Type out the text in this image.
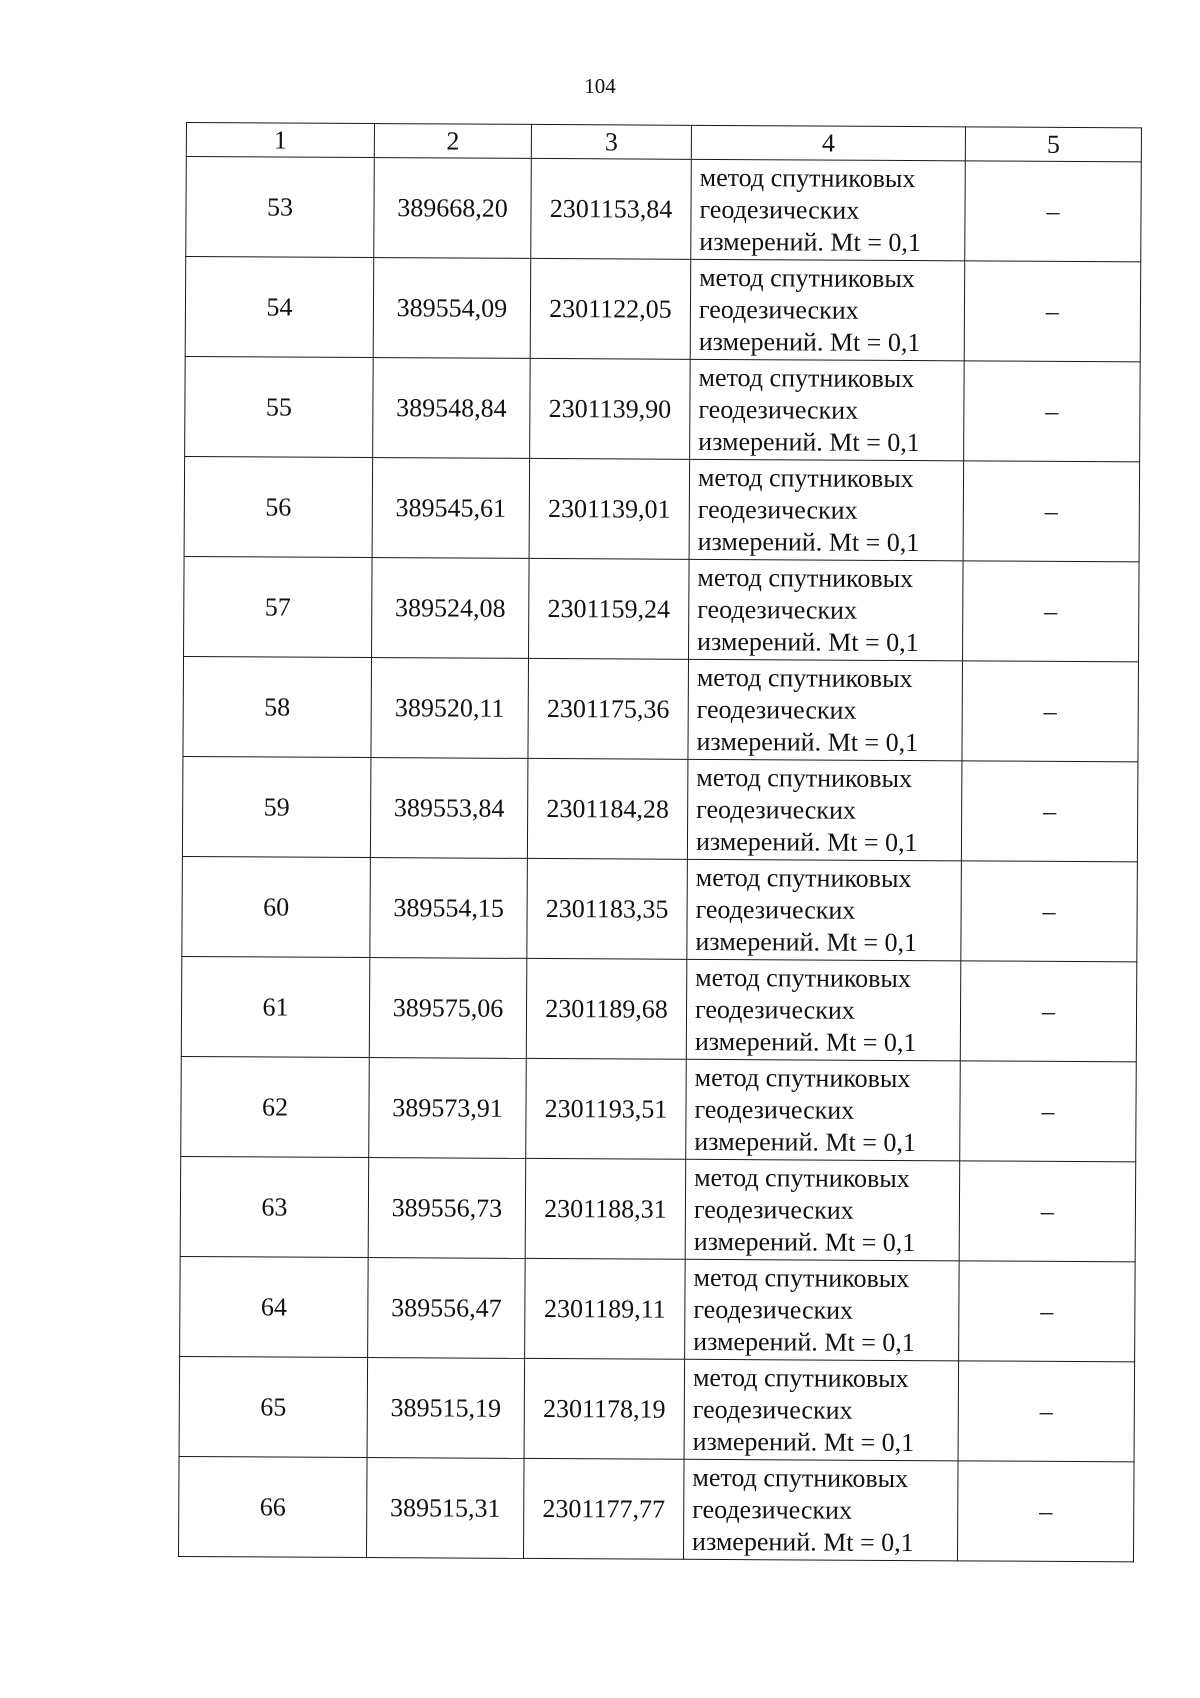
104
1	2	3	4	5
53	389668,20	2301153,84	метод спутниковых
геодезических
измерений. Mt = 0,1	–
54	389554,09	2301122,05	метод спутниковых
геодезических
измерений. Mt = 0,1	–
55	389548,84	2301139,90	метод спутниковых
геодезических
измерений. Mt = 0,1	–
56	389545,61	2301139,01	метод спутниковых
геодезических
измерений. Mt = 0,1	–
57	389524,08	2301159,24	метод спутниковых
геодезических
измерений. Mt = 0,1	–
58	389520,11	2301175,36	метод спутниковых
геодезических
измерений. Mt = 0,1	–
59	389553,84	2301184,28	метод спутниковых
геодезических
измерений. Mt = 0,1	–
60	389554,15	2301183,35	метод спутниковых
геодезических
измерений. Mt = 0,1	–
61	389575,06	2301189,68	метод спутниковых
геодезических
измерений. Mt = 0,1	–
62	389573,91	2301193,51	метод спутниковых
геодезических
измерений. Mt = 0,1	–
63	389556,73	2301188,31	метод спутниковых
геодезических
измерений. Mt = 0,1	–
64	389556,47	2301189,11	метод спутниковых
геодезических
измерений. Mt = 0,1	–
65	389515,19	2301178,19	метод спутниковых
геодезических
измерений. Mt = 0,1	–
66	389515,31	2301177,77	метод спутниковых
геодезических
измерений. Mt = 0,1	–
